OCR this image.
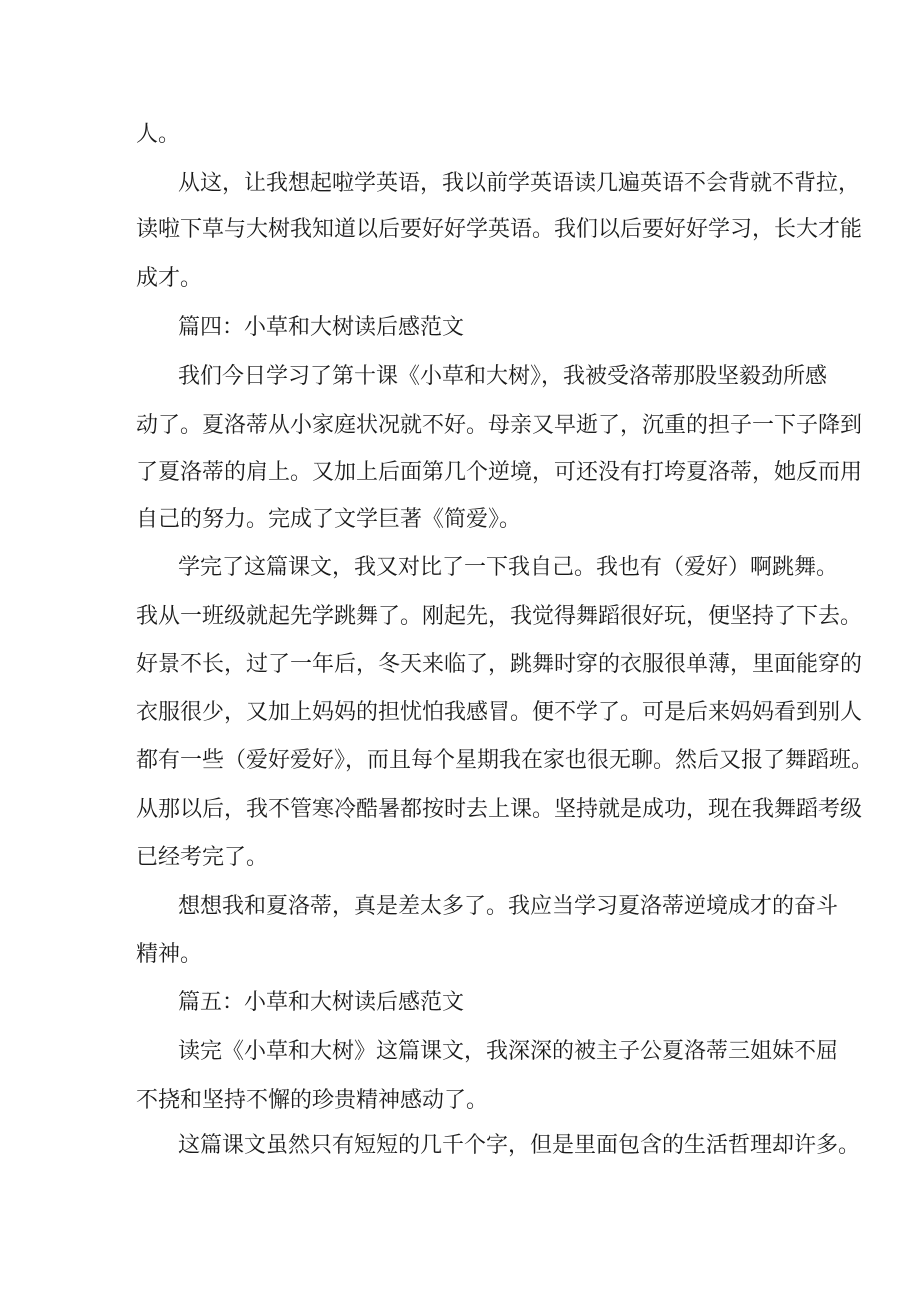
人。
从这，让我想起啦学英语，我以前学英语读几遍英语不会背就不背拉，
读啦下草与大树我知道以后要好好学英语。我们以后要好好学习，长大才能
成才。
篇四：小草和大树读后感范文
我们今日学习了第十课《小草和大树》，我被受洛蒂那股坚毅劲所感
动了。夏洛蒂从小家庭状况就不好。母亲又早逝了，沉重的担子一下子降到
了夏洛蒂的肩上。又加上后面第几个逆境，可还没有打垮夏洛蒂，她反而用
自己的努力。完成了文学巨著《简爱》。
学完了这篇课文，我又对比了一下我自己。我也有（爱好）啊跳舞。
我从一班级就起先学跳舞了。刚起先，我觉得舞蹈很好玩，便坚持了下去。
好景不长，过了一年后，冬天来临了，跳舞时穿的衣服很单薄，里面能穿的
衣服很少，又加上妈妈的担忧怕我感冒。便不学了。可是后来妈妈看到别人
都有一些（爱好爱好》，而且每个星期我在家也很无聊。然后又报了舞蹈班。
从那以后，我不管寒冷酷暑都按时去上课。坚持就是成功，现在我舞蹈考级
已经考完了。
想想我和夏洛蒂，真是差太多了。我应当学习夏洛蒂逆境成才的奋斗
精神。
篇五：小草和大树读后感范文
读完《小草和大树》这篇课文，我深深的被主子公夏洛蒂三姐妹不屈
不挠和坚持不懈的珍贵精神感动了。
这篇课文虽然只有短短的几千个字，但是里面包含的生活哲理却许多。
